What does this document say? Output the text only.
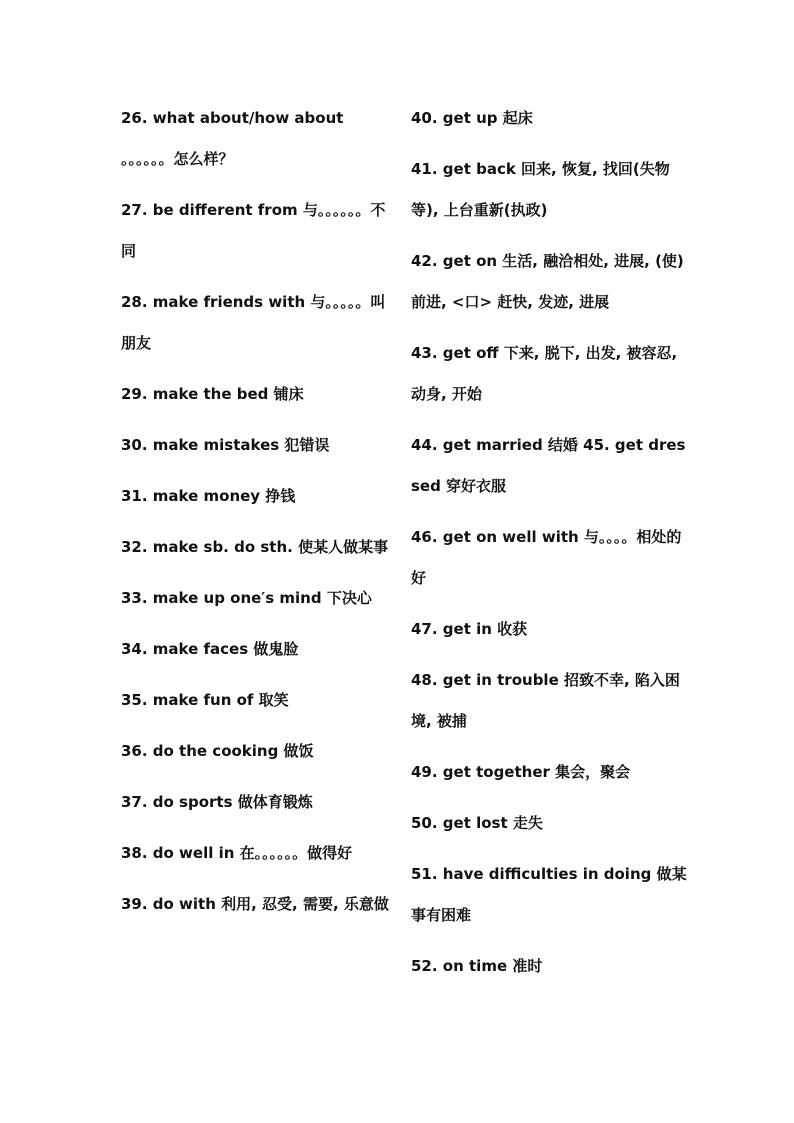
26. what about/how about 。。。。。。怎么样？
27. be different from 与。。。。。。不同
28. make friends with 与。。。。。叫朋友
29. make the bed 铺床
30. make mistakes 犯错误
31. make money 挣钱
32. make sb. do sth. 使某人做某事
33. make up one′s mind 下决心
34. make faces 做鬼脸
35. make fun of 取笑
36. do the cooking 做饭
37. do sports 做体育锻炼
38. do well in 在。。。。。。做得好
39. do with 利用, 忍受, 需要, 乐意做
40. get up 起床
41. get back 回来, 恢复, 找回(失物等), 上台重新(执政)
42. get on 生活, 融洽相处, 进展, (使)前进, <口> 赶快, 发迹, 进展
43. get off 下来, 脱下, 出发, 被容忍, 动身, 开始
44. get married 结婚 45. get dressed 穿好衣服
46. get on well with 与。。。。相处的好
47. get in 收获
48. get in trouble 招致不幸, 陷入困境, 被捕
49. get together 集会，聚会
50. get lost 走失
51. have difficulties in doing 做某事有困难
52. on time 准时
